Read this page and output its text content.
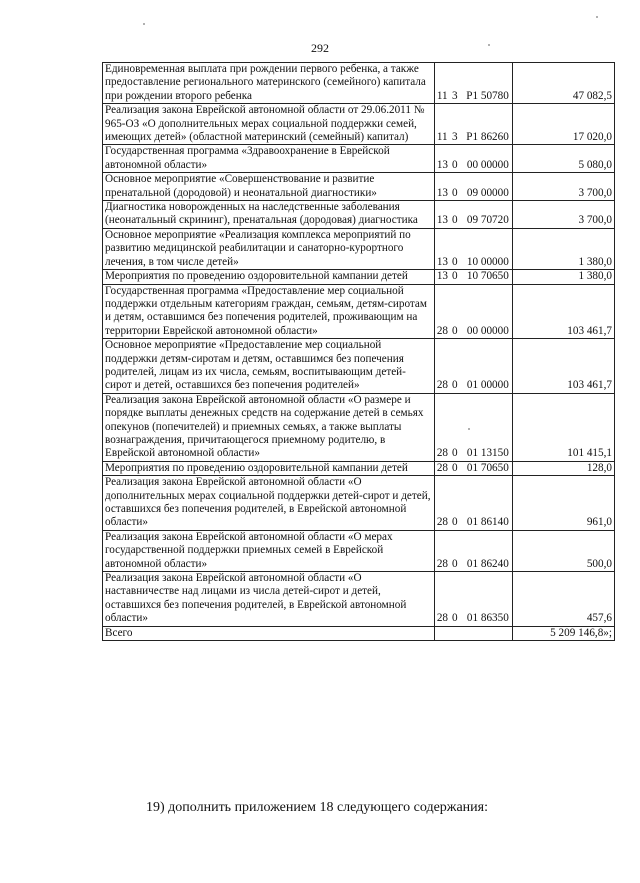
292
Единовременная выплата при рождении первого ребенка, а также предоставление регионального материнского (семейного) капитала при рождении второго ребенка	11 3 Р1 50780	47 082,5
Реализация закона Еврейской автономной области от 29.06.2011 № 965-ОЗ «О дополнительных мерах социальной поддержки семей, имеющих детей» (областной материнский (семейный) капитал)	11 3 Р1 86260	17 020,0
Государственная программа «Здравоохранение в Еврейской автономной области»	13 0 00 00000	5 080,0
Основное мероприятие «Совершенствование и развитие пренатальной (дородовой) и неонатальной диагностики»	13 0 09 00000	3 700,0
Диагностика новорожденных на наследственные заболевания (неонатальный скрининг), пренатальная (дородовая) диагностика	13 0 09 70720	3 700,0
Основное мероприятие «Реализация комплекса мероприятий по развитию медицинской реабилитации и санаторно-курортного лечения, в том числе детей»	13 0 10 00000	1 380,0
Мероприятия по проведению оздоровительной кампании детей	13 0 10 70650	1 380,0
Государственная программа «Предоставление мер социальной поддержки отдельным категориям граждан, семьям, детям-сиротам и детям, оставшимся без попечения родителей, проживающим на территории Еврейской автономной области»	28 0 00 00000	103 461,7
Основное мероприятие «Предоставление мер социальной поддержки детям-сиротам и детям, оставшимся без попечения родителей, лицам из их числа, семьям, воспитывающим детей-сирот и детей, оставшихся без попечения родителей»	28 0 01 00000	103 461,7
Реализация закона Еврейской автономной области «О размере и порядке выплаты денежных средств на содержание детей в семьях опекунов (попечителей) и приемных семьях, а также выплаты вознаграждения, причитающегося приемному родителю, в Еврейской автономной области»	28 0 01 13150	101 415,1
Мероприятия по проведению оздоровительной кампании детей	28 0 01 70650	128,0
Реализация закона Еврейской автономной области «О дополнительных мерах социальной поддержки детей-сирот и детей, оставшихся без попечения родителей, в Еврейской автономной области»	28 0 01 86140	961,0
Реализация закона Еврейской автономной области «О мерах государственной поддержки приемных семей в Еврейской автономной области»	28 0 01 86240	500,0
Реализация закона Еврейской автономной области «О наставничестве над лицами из числа детей-сирот и детей, оставшихся без попечения родителей, в Еврейской автономной области»	28 0 01 86350	457,6
Всего		5 209 146,8»;
19) дополнить приложением 18 следующего содержания:
